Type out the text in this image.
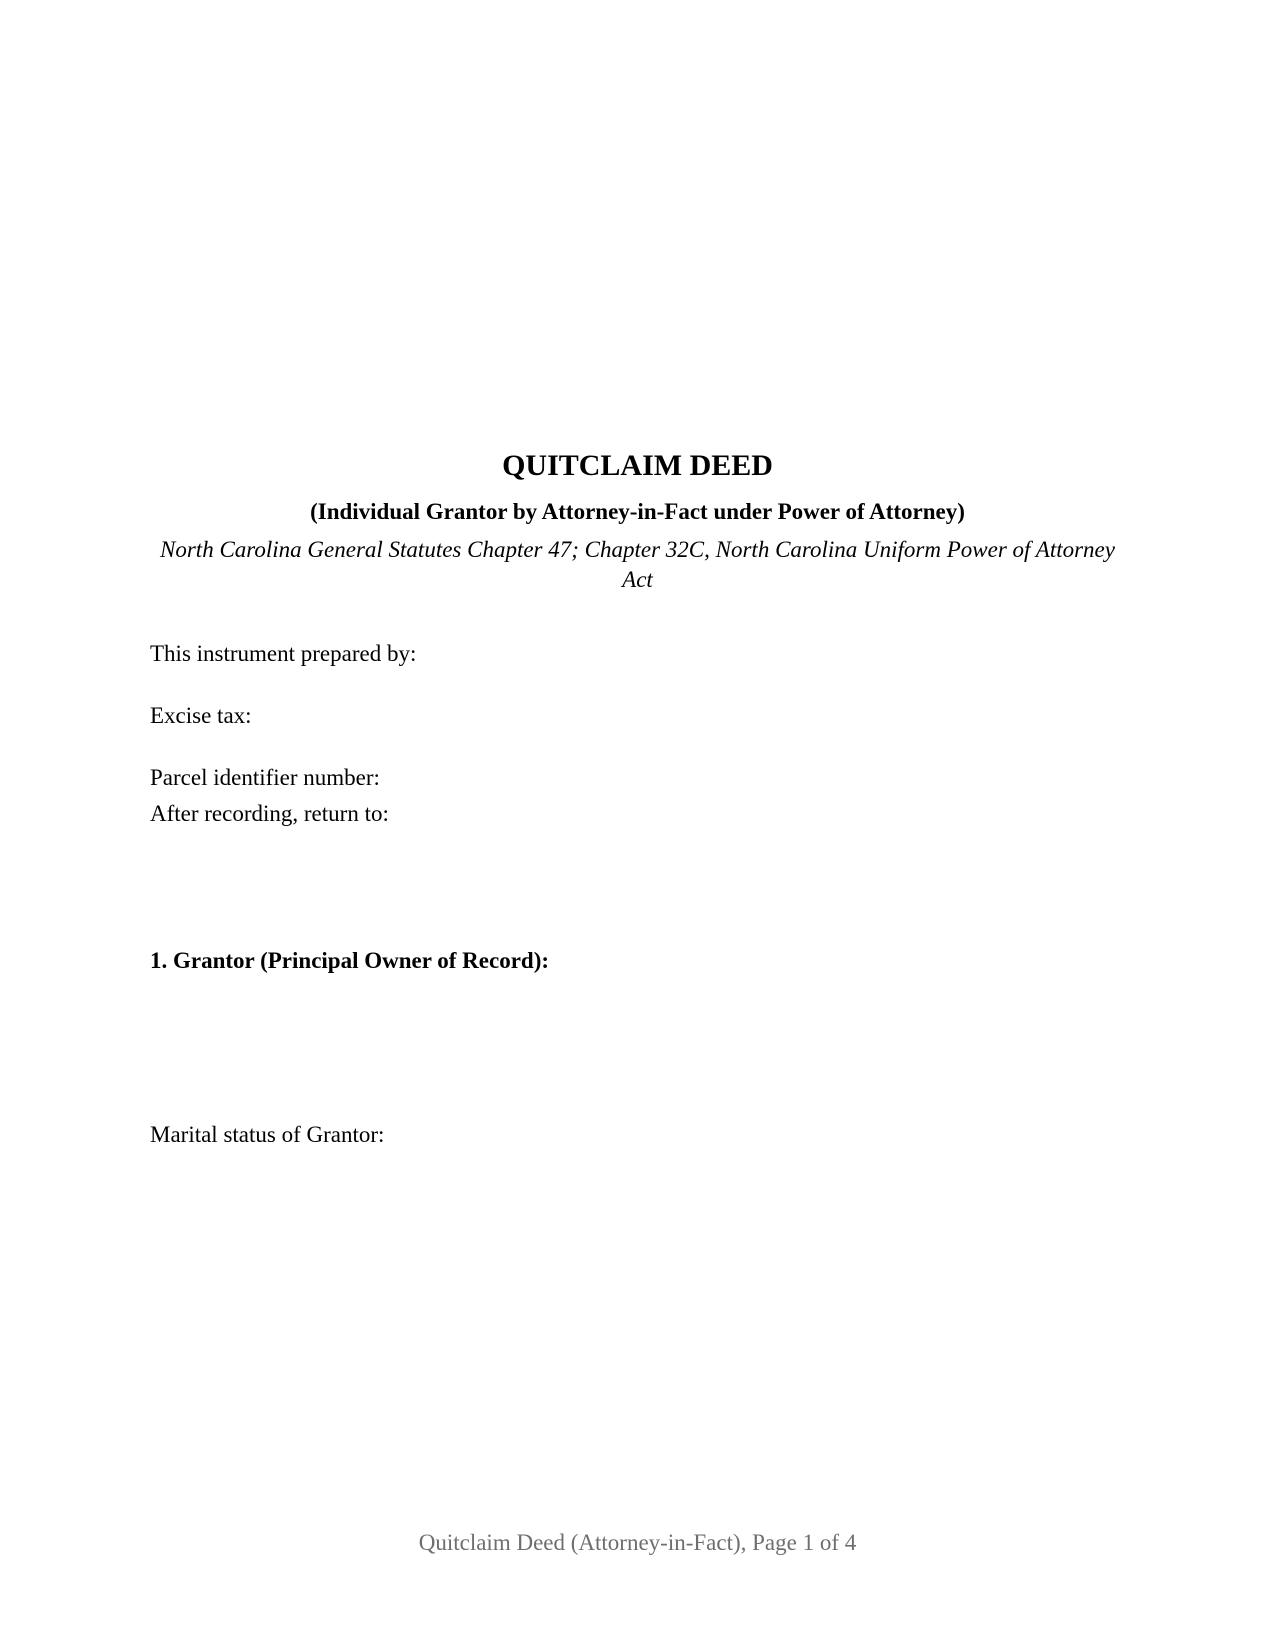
QUITCLAIM DEED
(Individual Grantor by Attorney-in-Fact under Power of Attorney)
North Carolina General Statutes Chapter 47; Chapter 32C, North Carolina Uniform Power of Attorney Act
This instrument prepared by:
Excise tax:
Parcel identifier number:
After recording, return to:
1. Grantor (Principal Owner of Record):
Marital status of Grantor:
Quitclaim Deed (Attorney-in-Fact), Page 1 of 4
